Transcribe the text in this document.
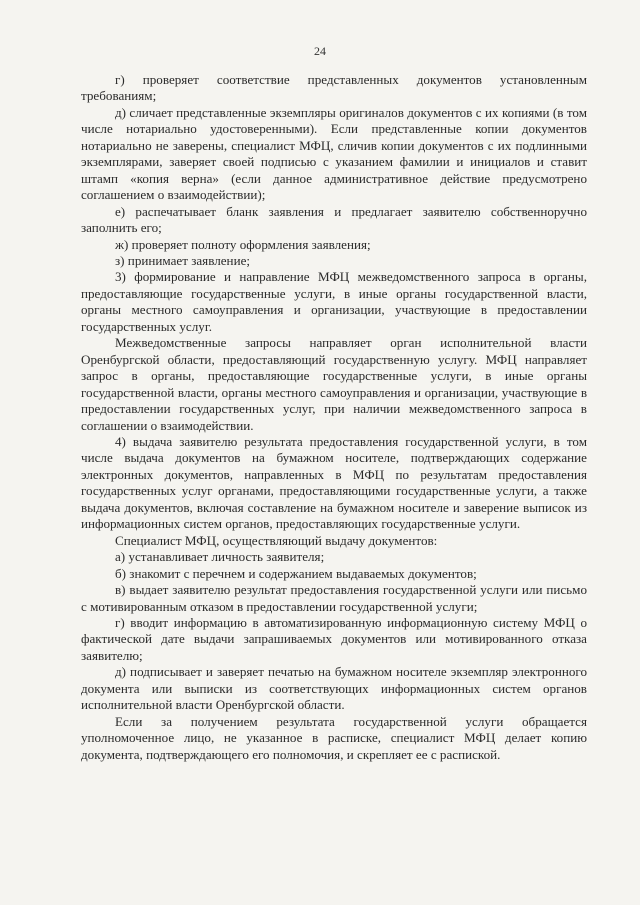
24

г) проверяет соответствие представленных документов установленным требованиям;

д) сличает представленные экземпляры оригиналов документов с их копиями (в том числе нотариально удостоверенными). Если представленные копии документов нотариально не заверены, специалист МФЦ, сличив копии документов с их подлинными экземплярами, заверяет своей подписью с указанием фамилии и инициалов и ставит штамп «копия верна» (если данное административное действие предусмотрено соглашением о взаимодействии);

е) распечатывает бланк заявления и предлагает заявителю собственноручно заполнить его;

ж) проверяет полноту оформления заявления;

з) принимает заявление;

3) формирование и направление МФЦ межведомственного запроса в органы, предоставляющие государственные услуги, в иные органы государственной власти, органы местного самоуправления и организации, участвующие в предоставлении государственных услуг.

Межведомственные запросы направляет орган исполнительной власти Оренбургской области, предоставляющий государственную услугу. МФЦ направляет запрос в органы, предоставляющие государственные услуги, в иные органы государственной власти, органы местного самоуправления и организации, участвующие в предоставлении государственных услуг, при наличии межведомственного запроса в соглашении о взаимодействии.

4) выдача заявителю результата предоставления государственной услуги, в том числе выдача документов на бумажном носителе, подтверждающих содержание электронных документов, направленных в МФЦ по результатам предоставления государственных услуг органами, предоставляющими государственные услуги, а также выдача документов, включая составление на бумажном носителе и заверение выписок из информационных систем органов, предоставляющих государственные услуги.

Специалист МФЦ, осуществляющий выдачу документов:

а) устанавливает личность заявителя;

б) знакомит с перечнем и содержанием выдаваемых документов;

в) выдает заявителю результат предоставления государственной услуги или письмо с мотивированным отказом в предоставлении государственной услуги;

г) вводит информацию в автоматизированную информационную систему МФЦ о фактической дате выдачи запрашиваемых документов или мотивированного отказа заявителю;

д) подписывает и заверяет печатью на бумажном носителе экземпляр электронного документа или выписки из соответствующих информационных систем органов исполнительной власти Оренбургской области.

Если за получением результата государственной услуги обращается уполномоченное лицо, не указанное в расписке, специалист МФЦ делает копию документа, подтверждающего его полномочия, и скрепляет ее с распиской.
